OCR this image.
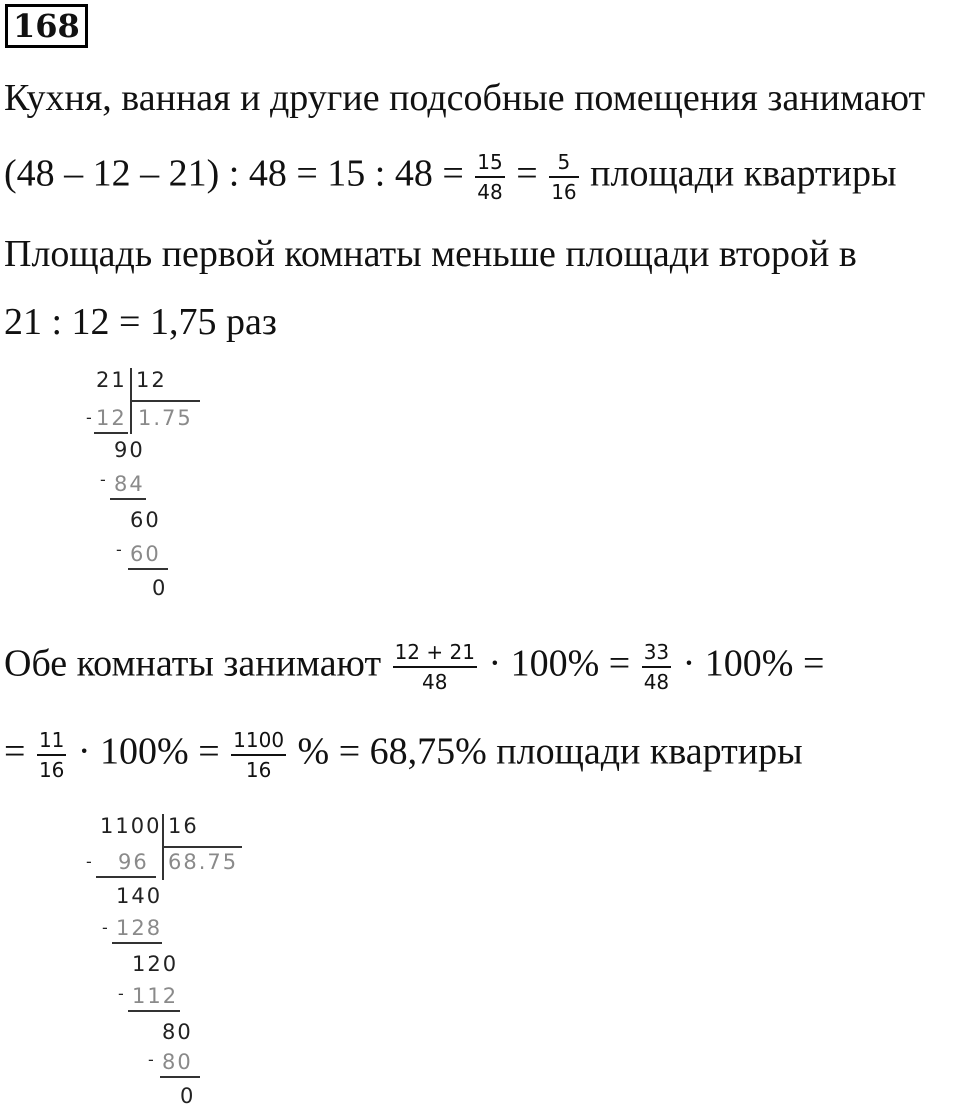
168
Кухня, ванная и другие подсобные помещения занимают
(48 – 12 – 21) : 48 = 15 : $48 = \frac{15}{48} = \frac{5}{16}$ площади квартиры
Площадь первой комнаты меньше площади второй в
21 : 12 = 1,75 раз
21 12
1.75
- 12
90
- 84
60
- 60
0
Обе комнаты занимают $\frac{12 + 21}{48} \cdot 100\% = \frac{33}{48} \cdot 100\%$ =
= $\frac{11}{16} \cdot 100\% = \frac{1100}{16}$ % = 68,75% площади квартиры
1100 16
- 96 68.75
140
- 128
120
- 112
80
- 80
0
